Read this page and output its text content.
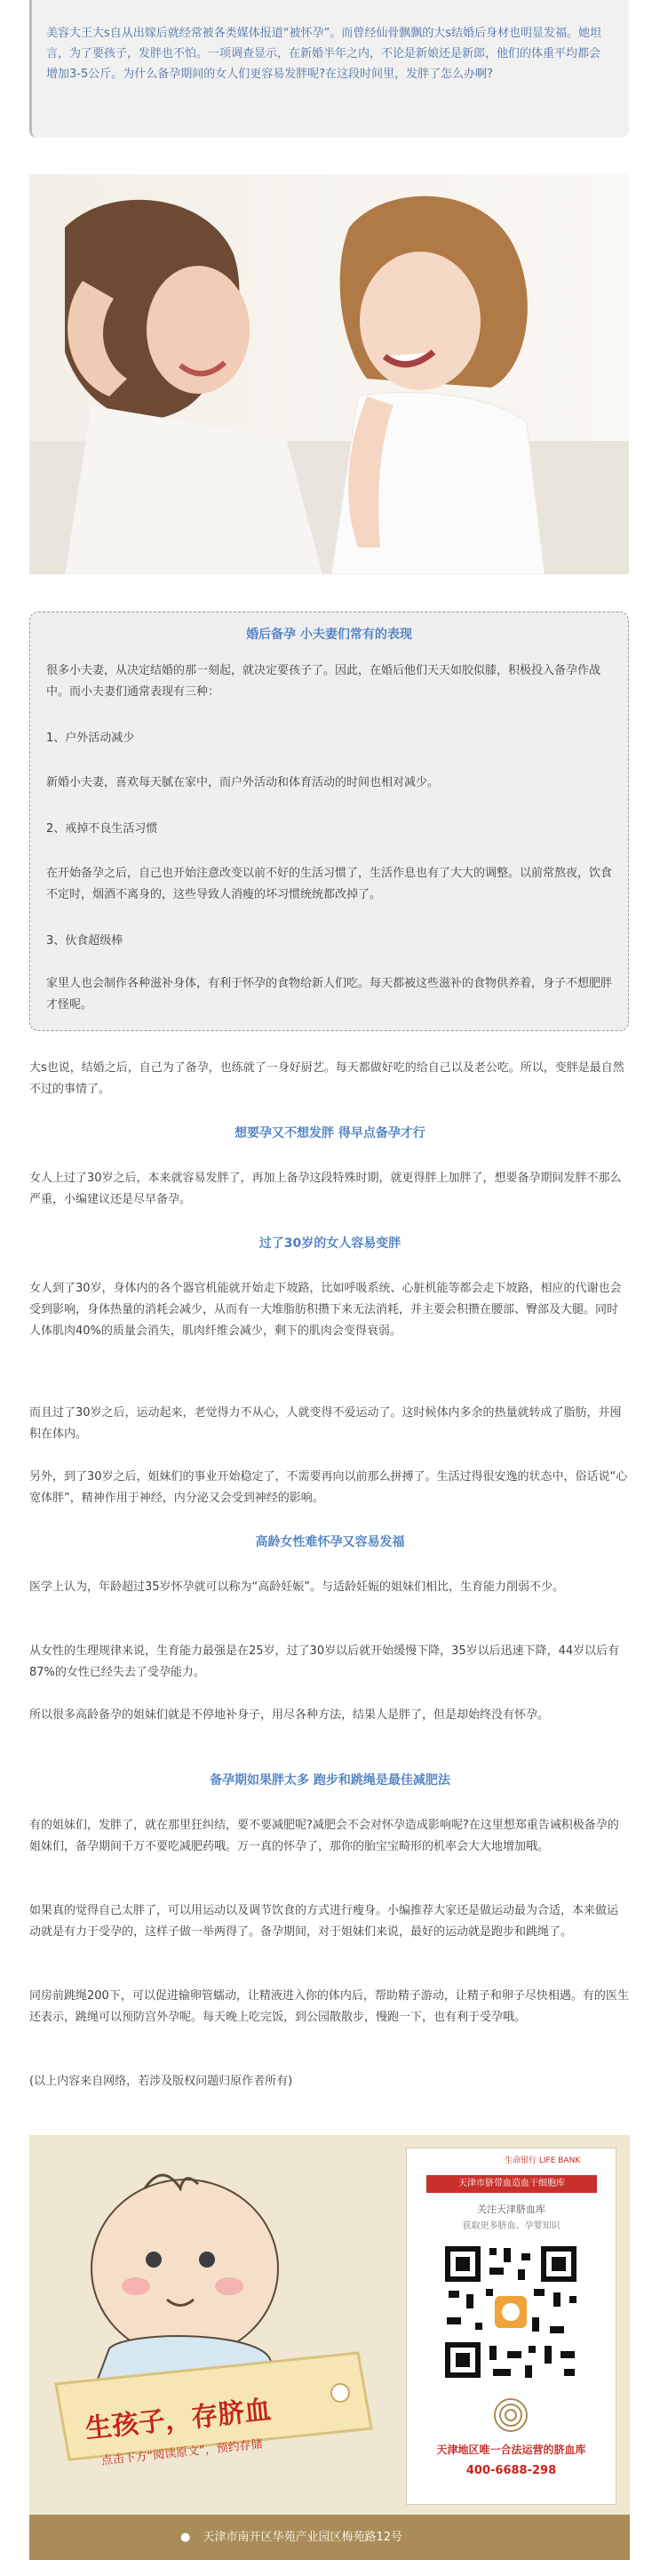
美容大王大s自从出嫁后就经常被各类媒体报道“被怀孕”。而曾经仙骨飘飘的大s结婚后身材也明显发福。她坦言，为了要孩子，发胖也不怕。一项调查显示，在新婚半年之内，不论是新娘还是新郎，他们的体重平均都会增加3-5公斤。为什么备孕期间的女人们更容易发胖呢?在这段时间里，发胖了怎么办啊?
婚后备孕 小夫妻们常有的表现

很多小夫妻，从决定结婚的那一刻起，就决定要孩子了。因此，在婚后他们天天如胶似膝，积极投入备孕作战中。而小夫妻们通常表现有三种：

1、户外活动减少

新婚小夫妻，喜欢每天腻在家中，而户外活动和体育活动的时间也相对减少。

2、戒掉不良生活习惯

在开始备孕之后，自己也开始注意改变以前不好的生活习惯了，生活作息也有了大大的调整。以前常熬夜，饮食不定时，烟酒不离身的，这些导致人消瘦的坏习惯统统都改掉了。

3、伙食超级棒

家里人也会制作各种滋补身体，有利于怀孕的食物给新人们吃。每天都被这些滋补的食物供养着，身子不想肥胖才怪呢。

大s也说，结婚之后，自己为了备孕，也练就了一身好厨艺。每天都做好吃的给自己以及老公吃。所以，变胖是最自然不过的事情了。

想要孕又不想发胖 得早点备孕才行

女人上过了30岁之后，本来就容易发胖了，再加上备孕这段特殊时期，就更得胖上加胖了，想要备孕期间发胖不那么严重，小编建议还是尽早备孕。

过了30岁的女人容易变胖

女人到了30岁，身体内的各个器官机能就开始走下坡路，比如呼吸系统、心脏机能等都会走下坡路，相应的代谢也会受到影响，身体热量的消耗会减少，从而有一大堆脂肪积攒下来无法消耗，并主要会积攒在腰部、臀部及大腿。同时人体肌肉40%的质量会消失，肌肉纤维会减少，剩下的肌肉会变得衰弱。

而且过了30岁之后，运动起来，老觉得力不从心，人就变得不爱运动了。这时候体内多余的热量就转成了脂肪，并囤积在体内。

另外，到了30岁之后，姐妹们的事业开始稳定了，不需要再向以前那么拼搏了。生活过得很安逸的状态中，俗话说“心宽体胖”，精神作用于神经，内分泌又会受到神经的影响。

高龄女性难怀孕又容易发福

医学上认为，年龄超过35岁怀孕就可以称为“高龄妊娠”。与适龄妊娠的姐妹们相比，生育能力削弱不少。

从女性的生理规律来说，生育能力最强是在25岁，过了30岁以后就开始缓慢下降，35岁以后迅速下降，44岁以后有87%的女性已经失去了受孕能力。

所以很多高龄备孕的姐妹们就是不停地补身子，用尽各种方法，结果人是胖了，但是却始终没有怀孕。

备孕期如果胖太多 跑步和跳绳是最佳减肥法

有的姐妹们，发胖了，就在那里狂纠结，要不要减肥呢?减肥会不会对怀孕造成影响呢?在这里想郑重告诫积极备孕的姐妹们，备孕期间千万不要吃减肥药哦。万一真的怀孕了，那你的胎宝宝畸形的机率会大大地增加哦。

如果真的觉得自己太胖了，可以用运动以及调节饮食的方式进行瘦身。小编推荐大家还是做运动最为合适，本来做运动就是有力于受孕的，这样子做一举两得了。备孕期间，对于姐妹们来说，最好的运动就是跑步和跳绳了。

同房前跳绳200下，可以促进输卵管蠕动，让精液进入你的体内后，帮助精子游动，让精子和卵子尽快相遇。有的医生还表示，跳绳可以预防宫外孕呢。每天晚上吃完饭，到公园散散步，慢跑一下，也有利于受孕哦。

(以上内容来自网络，若涉及版权问题归原作者所有)

生孩子，存脐血
点击下方“阅读原文”，预约存储
生命银行 LIFE BANK
天津市脐带血造血干细胞库
关注天津脐血库
获取更多脐血、孕婴知识
天津地区唯一合法运营的脐血库
400-6688-298
● 天津市南开区华苑产业园区梅苑路12号
